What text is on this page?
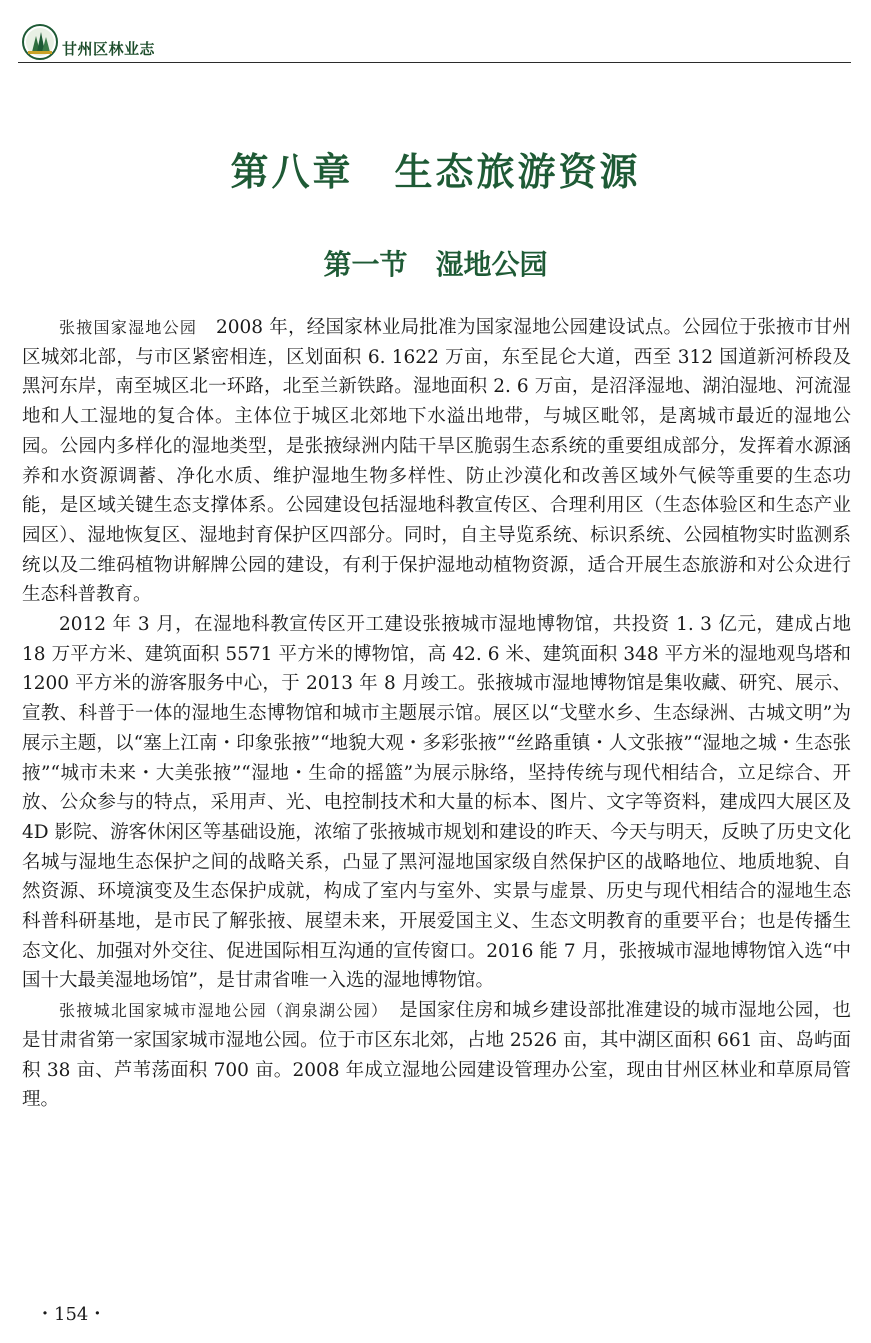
甘州区林业志
第八章　生态旅游资源
第一节　湿地公园

张掖国家湿地公园　2008 年，经国家林业局批准为国家湿地公园建设试点。公园位于张掖市甘州区城郊北部，与市区紧密相连，区划面积 6. 1622 万亩，东至昆仑大道，西至 312 国道新河桥段及黑河东岸，南至城区北一环路，北至兰新铁路。湿地面积 2. 6 万亩，是沼泽湿地、湖泊湿地、河流湿地和人工湿地的复合体。主体位于城区北郊地下水溢出地带，与城区毗邻，是离城市最近的湿地公园。公园内多样化的湿地类型，是张掖绿洲内陆干旱区脆弱生态系统的重要组成部分，发挥着水源涵养和水资源调蓄、净化水质、维护湿地生物多样性、防止沙漠化和改善区域外气候等重要的生态功能，是区域关键生态支撑体系。公园建设包括湿地科教宣传区、合理利用区（生态体验区和生态产业园区）、湿地恢复区、湿地封育保护区四部分。同时，自主导览系统、标识系统、公园植物实时监测系统以及二维码植物讲解牌公园的建设，有利于保护湿地动植物资源，适合开展生态旅游和对公众进行生态科普教育。

2012 年 3 月，在湿地科教宣传区开工建设张掖城市湿地博物馆，共投资 1. 3 亿元，建成占地 18 万平方米、建筑面积 5571 平方米的博物馆，高 42. 6 米、建筑面积 348 平方米的湿地观鸟塔和 1200 平方米的游客服务中心，于 2013 年 8 月竣工。张掖城市湿地博物馆是集收藏、研究、展示、宣教、科普于一体的湿地生态博物馆和城市主题展示馆。展区以“戈壁水乡、生态绿洲、古城文明”为展示主题，以“塞上江南・印象张掖”“地貌大观・多彩张掖”“丝路重镇・人文张掖”“湿地之城・生态张掖”“城市未来・大美张掖”“湿地・生命的摇篮”为展示脉络，坚持传统与现代相结合，立足综合、开放、公众参与的特点，采用声、光、电控制技术和大量的标本、图片、文字等资料，建成四大展区及 4D 影院、游客休闲区等基础设施，浓缩了张掖城市规划和建设的昨天、今天与明天，反映了历史文化名城与湿地生态保护之间的战略关系，凸显了黑河湿地国家级自然保护区的战略地位、地质地貌、自然资源、环境演变及生态保护成就，构成了室内与室外、实景与虚景、历史与现代相结合的湿地生态科普科研基地，是市民了解张掖、展望未来，开展爱国主义、生态文明教育的重要平台；也是传播生态文化、加强对外交往、促进国际相互沟通的宣传窗口。2016 能 7 月，张掖城市湿地博物馆入选“中国十大最美湿地场馆”，是甘肃省唯一入选的湿地博物馆。

张掖城北国家城市湿地公园（润泉湖公园）　是国家住房和城乡建设部批准建设的城市湿地公园，也是甘肃省第一家国家城市湿地公园。位于市区东北郊，占地 2526 亩，其中湖区面积 661 亩、岛屿面积 38 亩、芦苇荡面积 700 亩。2008 年成立湿地公园建设管理办公室，现由甘州区林业和草原局管理。

・154・
